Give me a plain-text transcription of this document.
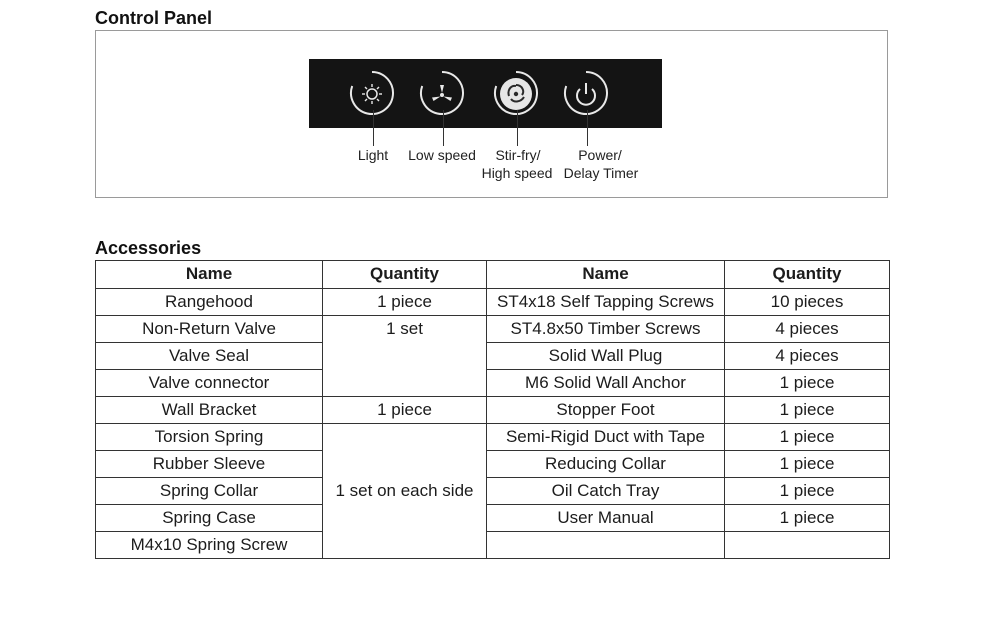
Control Panel
Light	Low speed	Stir-fry/
High speed
Power/
Delay Timer
Accessories
Name	Quantity	Name	Quantity
Rangehood	1 piece	ST4x18 Self Tapping Screws	10 pieces
Non-Return Valve	1 set	ST4.8x50 Timber Screws	4 pieces
Valve Seal		Solid Wall Plug	4 pieces
Valve connector		M6 Solid Wall Anchor	1 piece
Wall Bracket	1 piece	Stopper Foot	1 piece
Torsion Spring	1 set on each side	Semi-Rigid Duct with Tape	1 piece
Rubber Sleeve		Reducing Collar	1 piece
Spring Collar		Oil Catch Tray	1 piece
Spring Case		User Manual	1 piece
M4x10 Spring Screw			
